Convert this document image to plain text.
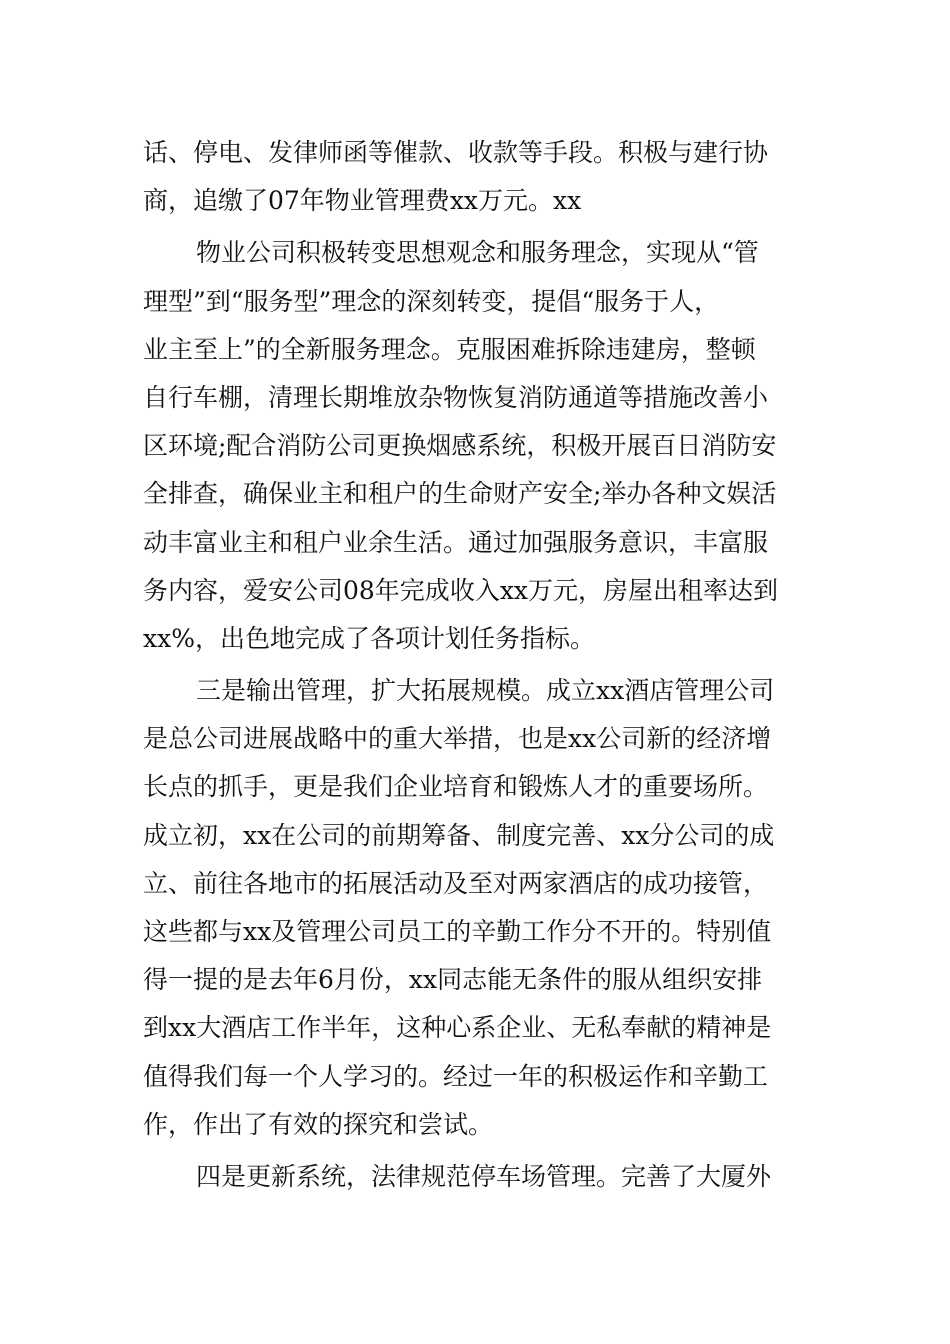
话、停电、发律师函等催款、收款等手段。积极与建行协
商，追缴了07年物业管理费xx万元。xx
物业公司积极转变思想观念和服务理念，实现从“管
理型”到“服务型”理念的深刻转变，提倡“服务于人，
业主至上”的全新服务理念。克服困难拆除违建房，整顿
自行车棚，清理长期堆放杂物恢复消防通道等措施改善小
区环境;配合消防公司更换烟感系统，积极开展百日消防安
全排查，确保业主和租户的生命财产安全;举办各种文娱活
动丰富业主和租户业余生活。通过加强服务意识，丰富服
务内容，爱安公司08年完成收入xx万元，房屋出租率达到
xx%，出色地完成了各项计划任务指标。
三是输出管理，扩大拓展规模。成立xx酒店管理公司
是总公司进展战略中的重大举措，也是xx公司新的经济增
长点的抓手，更是我们企业培育和锻炼人才的重要场所。
成立初，xx在公司的前期筹备、制度完善、xx分公司的成
立、前往各地市的拓展活动及至对两家酒店的成功接管，
这些都与xx及管理公司员工的辛勤工作分不开的。特别值
得一提的是去年6月份，xx同志能无条件的服从组织安排
到xx大酒店工作半年，这种心系企业、无私奉献的精神是
值得我们每一个人学习的。经过一年的积极运作和辛勤工
作，作出了有效的探究和尝试。
四是更新系统，法律规范停车场管理。完善了大厦外
